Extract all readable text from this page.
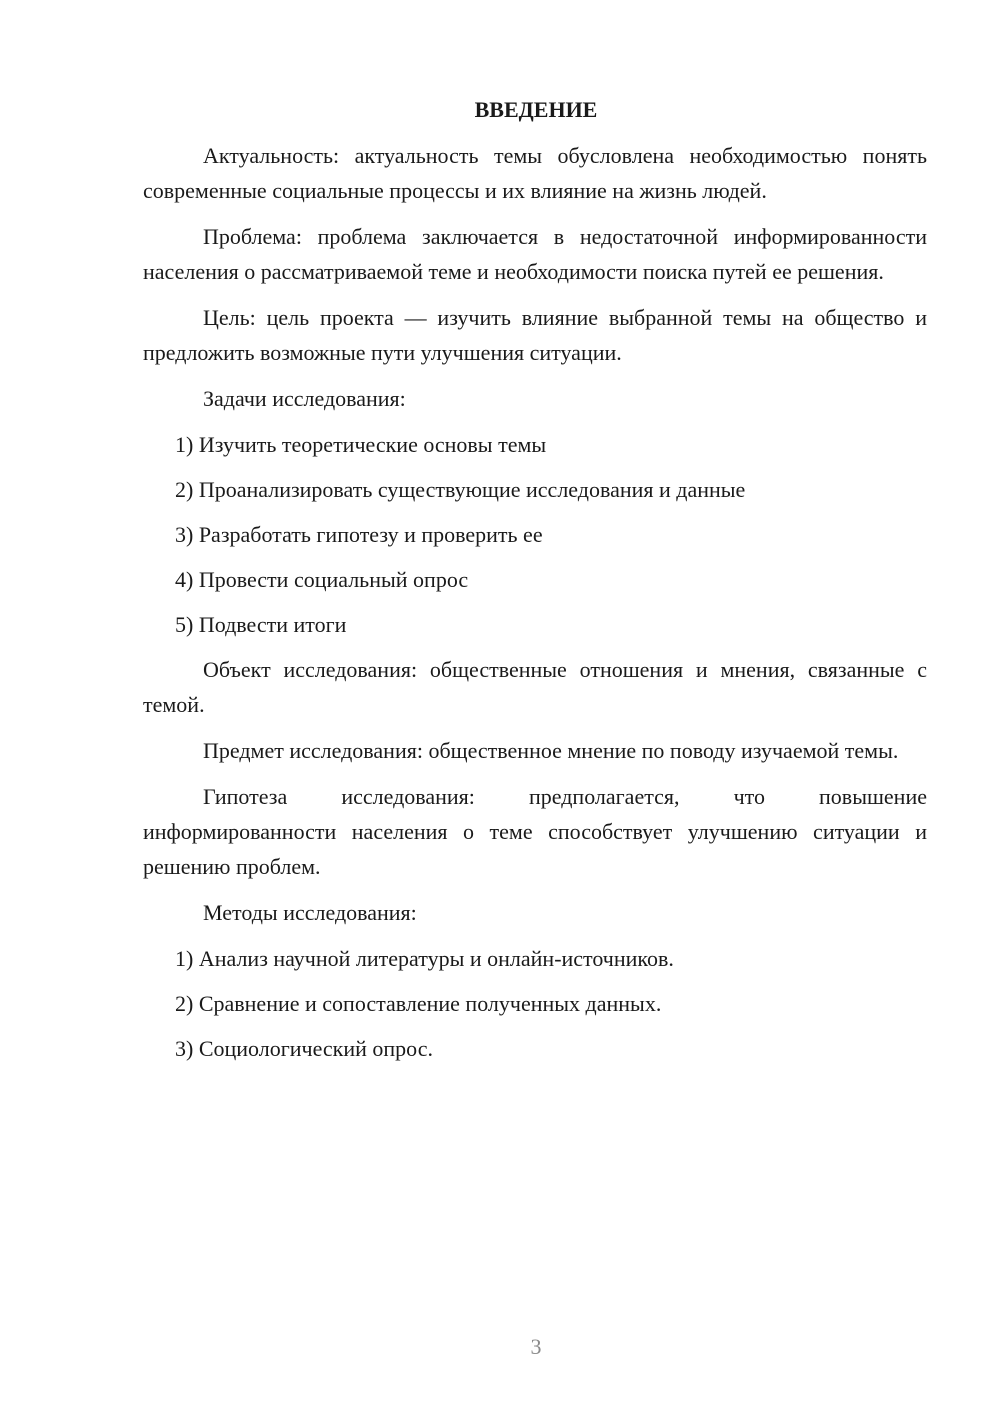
ВВЕДЕНИЕ

Актуальность: актуальность темы обусловлена необходимостью понять современные социальные процессы и их влияние на жизнь людей.

Проблема: проблема заключается в недостаточной информированности населения о рассматриваемой теме и необходимости поиска путей ее решения.

Цель: цель проекта — изучить влияние выбранной темы на общество и предложить возможные пути улучшения ситуации.

Задачи исследования:

1) Изучить теоретические основы темы

2) Проанализировать существующие исследования и данные

3) Разработать гипотезу и проверить ее

4) Провести социальный опрос

5) Подвести итоги

Объект исследования: общественные отношения и мнения, связанные с темой.

Предмет исследования: общественное мнение по поводу изучаемой темы.

Гипотеза исследования: предполагается, что повышение информированности населения о теме способствует улучшению ситуации и решению проблем.

Методы исследования:

1) Анализ научной литературы и онлайн-источников.

2) Сравнение и сопоставление полученных данных.

3) Социологический опрос.

3
